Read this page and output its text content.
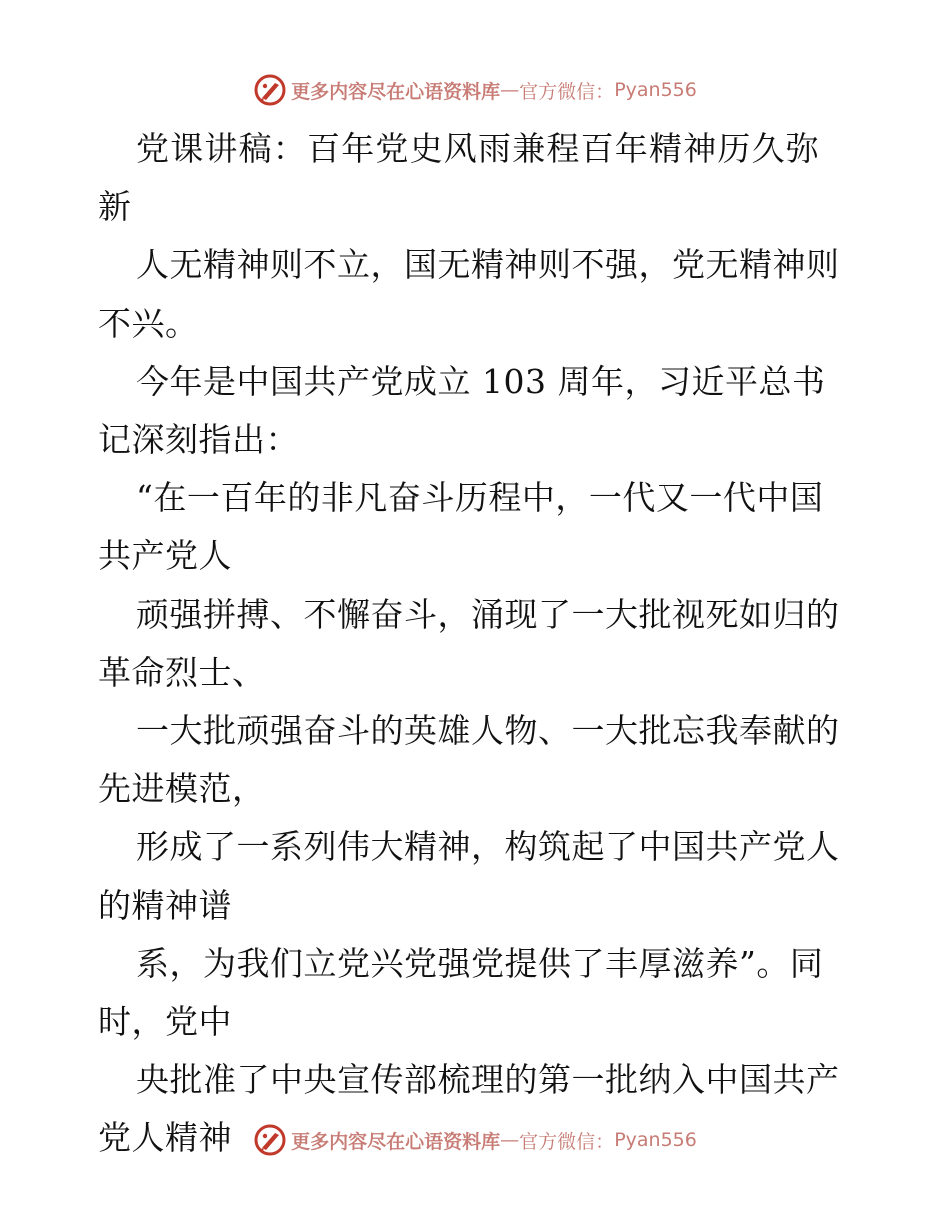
更多内容尽在心语资料库 — 官方微信： Pyan556

党课讲稿：百年党史风雨兼程百年精神历久弥新

人无精神则不立，国无精神则不强，党无精神则不兴。

今年是中国共产党成立 103 周年，习近平总书记深刻指出：

“在一百年的非凡奋斗历程中，一代又一代中国共产党人

顽强拼搏、不懈奋斗，涌现了一大批视死如归的革命烈士、

一大批顽强奋斗的英雄人物、一大批忘我奉献的先进模范，

形成了一系列伟大精神，构筑起了中国共产党人的精神谱

系，为我们立党兴党强党提供了丰厚滋养”。同时，党中

央批准了中央宣传部梳理的第一批纳入中国共产党人精神	更多内容尽在心语资料库 — 官方微信： Pyan556
